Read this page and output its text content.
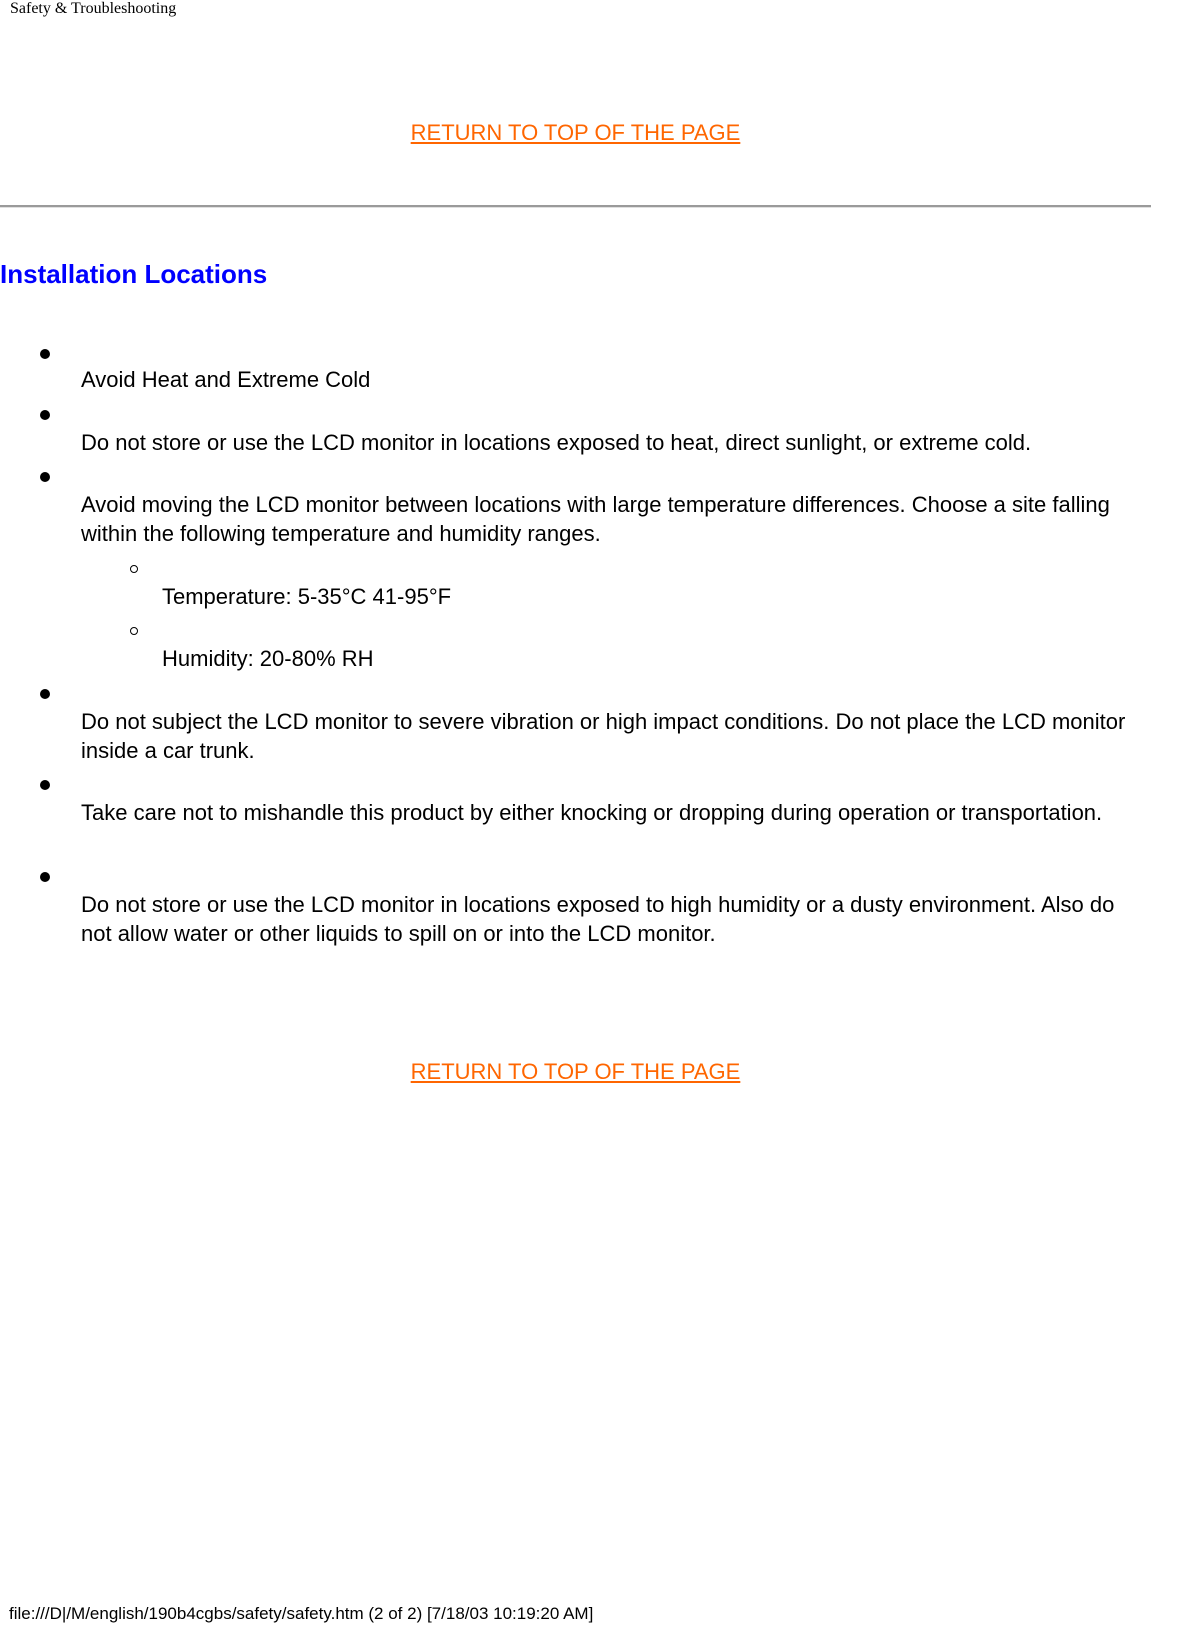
Safety & Troubleshooting
RETURN TO TOP OF THE PAGE
Installation Locations
Avoid Heat and Extreme Cold
Do not store or use the LCD monitor in locations exposed to heat, direct sunlight, or extreme cold.
Avoid moving the LCD monitor between locations with large temperature differences. Choose a site falling within the following temperature and humidity ranges.
Temperature: 5-35°C 41-95°F
Humidity: 20-80% RH
Do not subject the LCD monitor to severe vibration or high impact conditions. Do not place the LCD monitor inside a car trunk.
Take care not to mishandle this product by either knocking or dropping during operation or transportation.
Do not store or use the LCD monitor in locations exposed to high humidity or a dusty environment. Also do not allow water or other liquids to spill on or into the LCD monitor.
RETURN TO TOP OF THE PAGE
file:///D|/M/english/190b4cgbs/safety/safety.htm (2 of 2) [7/18/03 10:19:20 AM]
